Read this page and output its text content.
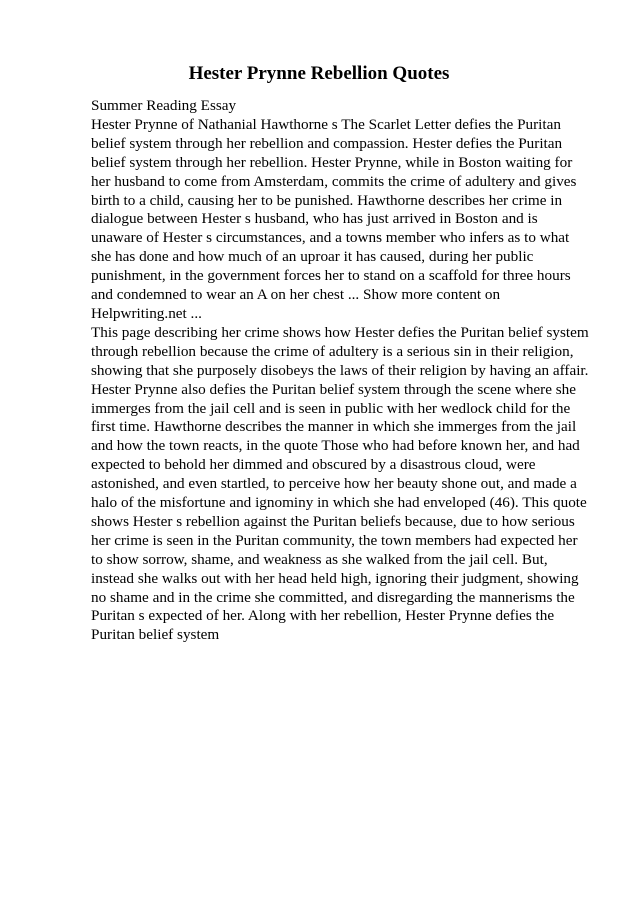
Hester Prynne Rebellion Quotes

Summer Reading Essay

Hester Prynne of Nathanial Hawthorne s The Scarlet Letter defies the Puritan belief system through her rebellion and compassion. Hester defies the Puritan belief system through her rebellion. Hester Prynne, while in Boston waiting for her husband to come from Amsterdam, commits the crime of adultery and gives birth to a child, causing her to be punished. Hawthorne describes her crime in dialogue between Hester s husband, who has just arrived in Boston and is unaware of Hester s circumstances, and a towns member who infers as to what she has done and how much of an uproar it has caused, during her public punishment, in the government forces her to stand on a scaffold for three hours and condemned to wear an A on her chest ... Show more content on Helpwriting.net ...

This page describing her crime shows how Hester defies the Puritan belief system through rebellion because the crime of adultery is a serious sin in their religion, showing that she purposely disobeys the laws of their religion by having an affair. Hester Prynne also defies the Puritan belief system through the scene where she immerges from the jail cell and is seen in public with her wedlock child for the first time. Hawthorne describes the manner in which she immerges from the jail and how the town reacts, in the quote Those who had before known her, and had expected to behold her dimmed and obscured by a disastrous cloud, were astonished, and even startled, to perceive how her beauty shone out, and made a halo of the misfortune and ignominy in which she had enveloped (46). This quote shows Hester s rebellion against the Puritan beliefs because, due to how serious her crime is seen in the Puritan community, the town members had expected her to show sorrow, shame, and weakness as she walked from the jail cell. But, instead she walks out with her head held high, ignoring their judgment, showing no shame and in the crime she committed, and disregarding the mannerisms the Puritan s expected of her. Along with her rebellion, Hester Prynne defies the Puritan belief system
